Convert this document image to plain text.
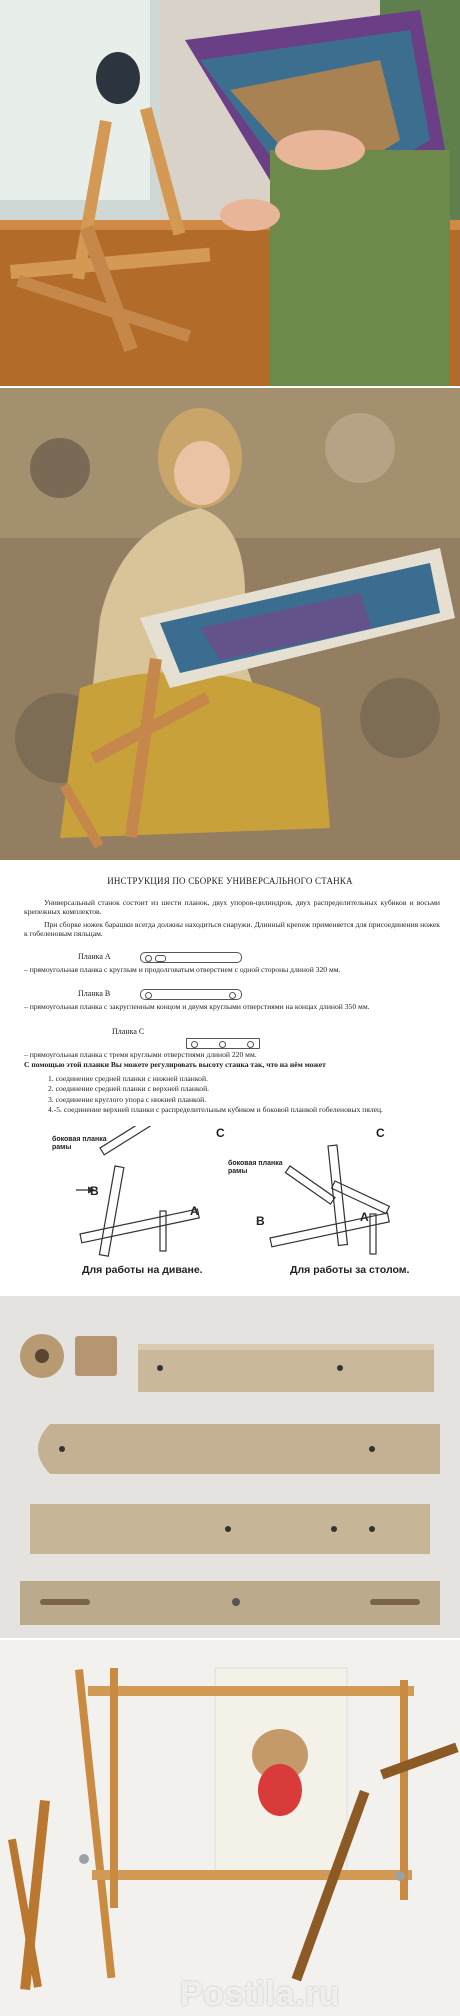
ИНСТРУКЦИЯ ПО СБОРКЕ УНИВЕРСАЛЬНОГО СТАНКА
Универсальный станок состоит из шести планок, двух упоров-цилиндров, двух распределительных кубиков и восьми крепежных комплектов.
При сборке ножек барашки всегда должны находиться снаружи. Длинный крепеж применяется для присоединения ножек к гобеленовым пяльцам.
Планка А
– прямоугольная планка с круглым и продолговатым отверстием с одной стороны длиной 320 мм.
Планка В
– прямоугольная планка с закругленным концом и двумя круглыми отверстиями на концах длиной 350 мм.
Планка С
– прямоугольная планка с тремя круглыми отверстиями длиной 220 мм.
С помощью этой планки Вы можете регулировать высоту станка так, что на нём может
1. соединение средней планки с нижней планкой.
2. соединение средней планки с верхней планкой.
3. соединение круглого упора с нижней планкой.
4.-5. соединение верхней планки с распределительным кубиком и боковой планкой гобеленовых пялец.
боковая планка
рамы
В
А
С
Для работы на диване.
боковая планка
рамы
В	А
С
Для работы за столом.
Postila.ru
